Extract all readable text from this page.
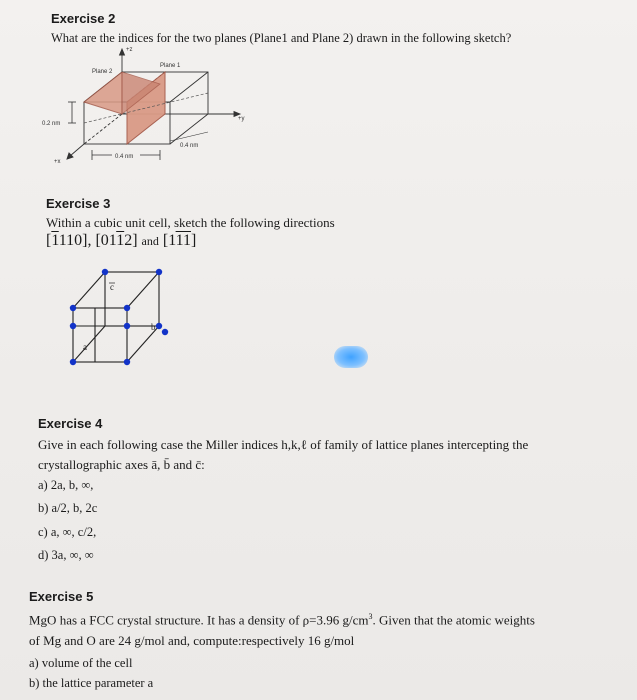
Exercise 2
What are the indices for the two planes (Plane1 and Plane 2) drawn in the following sketch?
Plane 1
Plane 2
+z
+y
+x
0.2 nm
0.4 nm
0.4 nm
Exercise 3
Within a cubic unit cell, sketch the following directions
[1110], [0112] and [111]
c
b
a
Exercise 4
Give in each following case the Miller indices h,k,ℓ of family of lattice planes intercepting the
crystallographic axes ā, b̄ and c̄:
a) 2a, b, ∞,
b) a/2, b, 2c
c) a, ∞, c/2,
d) 3a, ∞, ∞
Exercise 5
MgO has a FCC crystal structure. It has a density of ρ=3.96 $g/cm^3$. Given that the atomic weights
of Mg and O are 24 g/mol and, compute:respectively 16 g/mol
a) volume of the cell
b) the lattice parameter a
